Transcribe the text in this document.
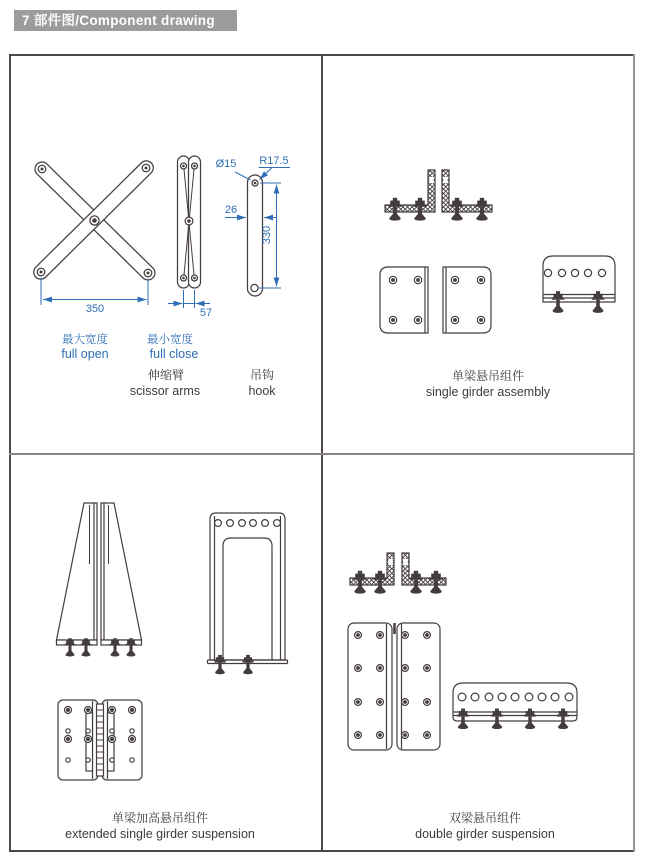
7 部件图/Component drawing
350	57
Ø15 R17.5
26
330
最大宽度
full open
最小宽度
full close
伸缩臂
scissor arms
吊钩
hook
单梁悬吊组件
single girder assembly
单梁加高悬吊组件
extended single girder suspension
双梁悬吊组件
double girder suspension
